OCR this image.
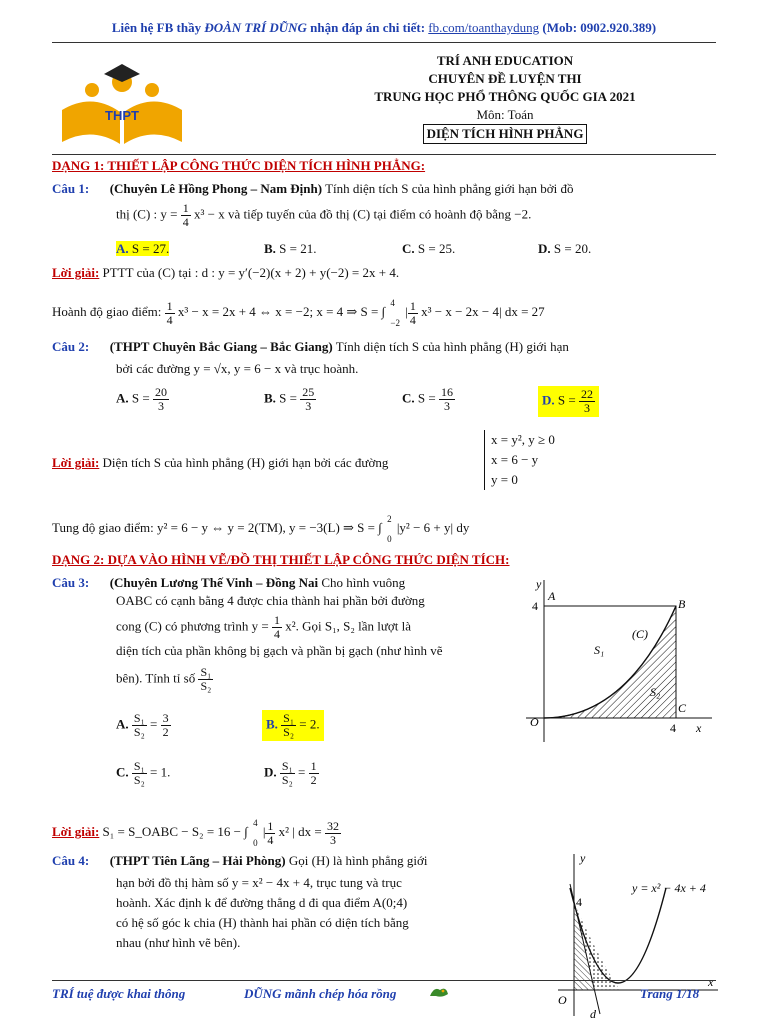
Liên hệ FB thầy ĐOÀN TRÍ DŨNG nhận đáp án chi tiết: fb.com/toanthaydung (Mob: 0902.920.389)
THPT
TRÍ ANH EDUCATION
CHUYÊN ĐỀ LUYỆN THI
TRUNG HỌC PHỔ THÔNG QUỐC GIA 2021
Môn: Toán
DIỆN TÍCH HÌNH PHẲNG
DẠNG 1: THIẾT LẬP CÔNG THỨC DIỆN TÍCH HÌNH PHẲNG:
Câu 1: (Chuyên Lê Hồng Phong – Nam Định) Tính diện tích S của hình phẳng giới hạn bởi đồ
thị (C) : $y = \frac{1}{4} x^3 - x$ và tiếp tuyến của đồ thị (C) tại điểm có hoành độ bằng −2.
A. S = 27.	B. S = 21.	C. S = 25.	D. S = 20.
Lời giải: PTTT của (C) tại : d : y = y′(−2)(x + 2) + y(−2) = 2x + 4.
Hoành độ giao điểm: $\frac{1}{4} x^3 - x = 2x + 4$ ⇔ x = −2; x = 4 ⇒ S = ∫
4
−2
| $\frac{1}{4} x^3 - x - 2x - 4|$ dx = 27
Câu 2: (THPT Chuyên Bắc Giang – Bắc Giang) Tính diện tích S của hình phẳng (H) giới hạn
bởi các đường y = √x, y = 6 − x và trục hoành.
A. $S = \frac{20}{3}$	B. $S = \frac{25}{3}$	C. $S = \frac{16}{3}$	D. $S = \frac{22}{3}$
Lời giải: Diện tích S của hình phẳng (H) giới hạn bởi các đường
x = y², y ≥ 0
x = 6 − y
y = 0
Tung độ giao điểm: y² = 6 − y ⇔ y = 2(TM), y = −3(L) ⇒ S = ∫
2
0
|y² − 6 + y| dy
DẠNG 2: DỰA VÀO HÌNH VẼ/ĐỒ THỊ THIẾT LẬP CÔNG THỨC DIỆN TÍCH:
Câu 3: (Chuyên Lương Thế Vinh – Đồng Nai Cho hình vuông
OABC có cạnh bằng 4 được chia thành hai phần bởi đường
cong (C) có phương trình $y = \frac{1}{4} x^2$. Gọi S₁, S₂ lần lượt là
diện tích của phần không bị gạch và phần bị gạch (như hình vẽ
bên). Tính tỉ số $\frac{\text{S₁}}{\text{S₂}}$
A. $\frac{\text{S₁}}{\text{S₂}} = \frac{3}{2}$	B. $\frac{\text{S₁}}{\text{S₂}} = 2$.
C. $\frac{\text{S₁}}{\text{S₂}} = 1$.	D. $\frac{\text{S₁}}{\text{S₂}} = \frac{1}{2}$
Lời giải: S₁ = S_OABC − S₂ = 16 − ∫
4
0
| $\frac{1}{4} x^2$ | dx = $\frac{32}{3}$
y
x
A
B
C
O
4
4
(C)
S₁
S₂
Câu 4: (THPT Tiên Lãng – Hải Phòng) Gọi (H) là hình phẳng giới
hạn bởi đồ thị hàm số y = x² − 4x + 4, trục tung và trục
hoành. Xác định k để đường thẳng d đi qua điểm A(0;4)
có hệ số góc k chia (H) thành hai phần có diện tích bằng
nhau (như hình vẽ bên).
y
x
O
4
d
y = x² − 4x + 4
TRÍ tuệ được khai thông	DŨNG mãnh chép hóa rồng	Trang 1/18
